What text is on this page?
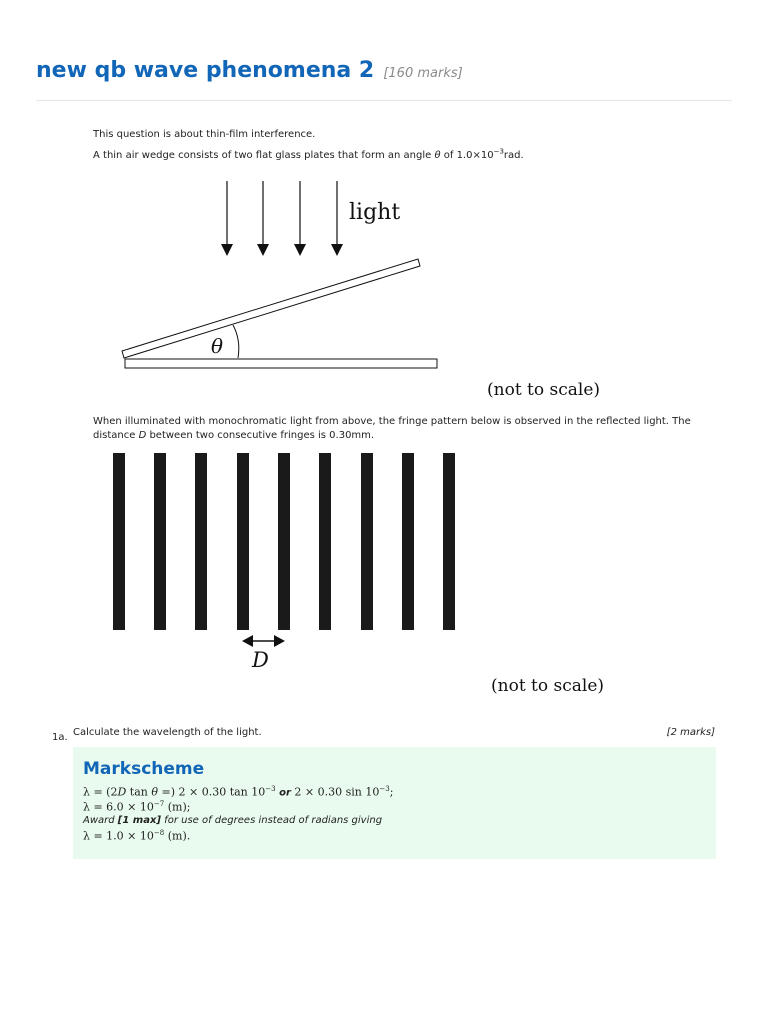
new qb wave phenomena 2 [160 marks]
This question is about thin-film interference.
A thin air wedge consists of two flat glass plates that form an angle θ of $1.0\times 10^{-3}rad$.
light
θ
(not to scale)
When illuminated with monochromatic light from above, the fringe pattern below is observed in the reflected light. The
distance D between two consecutive fringes is 0.30mm.
D
(not to scale)
1a. Calculate the wavelength of the light.	[2 marks]
Markscheme
λ = (2D tan θ =) 2 × 0.30 $\tan 10^{-3}$ or 2 × 0.30 $\sin 10^{-3}$;
$\lambda = 6.0 \times 10^{-7}$ (m);
Award [1 max] for use of degrees instead of radians giving
$\lambda = 1.0 \times 10^{-8}$ (m).
